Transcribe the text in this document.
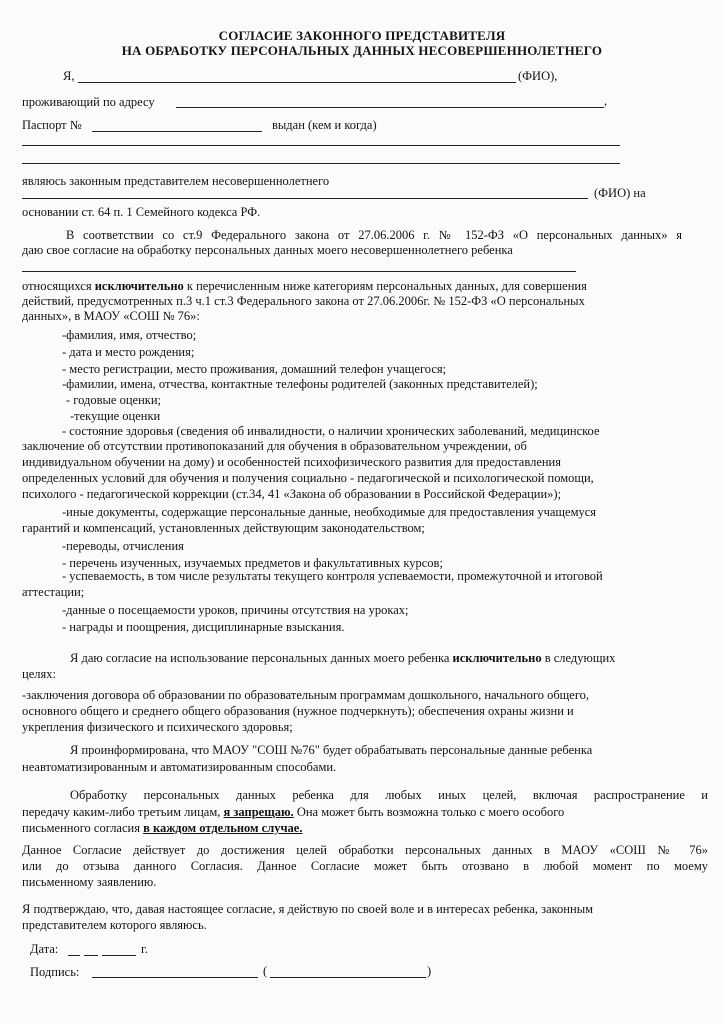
СОГЛАСИЕ ЗАКОННОГО ПРЕДСТАВИТЕЛЯ
НА ОБРАБОТКУ ПЕРСОНАЛЬНЫХ ДАННЫХ НЕСОВЕРШЕННОЛЕТНЕГО
Я,	(ФИО),
проживающий по адресу	,
Паспорт №	выдан (кем и когда)
являюсь законным представителем несовершеннолетнего
(ФИО) на
основании ст. 64 п. 1 Семейного кодекса РФ.
В соответствии со ст.9 Федерального закона от 27.06.2006 г. № 152-ФЗ «О персональных данных» я
даю свое согласие на обработку персональных данных моего несовершеннолетнего ребенка
относящихся исключительно к перечисленным ниже категориям персональных данных, для совершения
действий, предусмотренных п.3 ч.1 ст.3 Федерального закона от 27.06.2006г. № 152-ФЗ «О персональных
данных», в МАОУ «СОШ № 76»:
-фамилия, имя, отчество;
- дата и место рождения;
- место регистрации, место проживания, домашний телефон учащегося;
-фамилии, имена, отчества, контактные телефоны родителей (законных представителей);
- годовые оценки;
-текущие оценки
- состояние здоровья (сведения об инвалидности, о наличии хронических заболеваний, медицинское
заключение об отсутствии противопоказаний для обучения в образовательном учреждении, об
индивидуальном обучении на дому) и особенностей психофизического развития для предоставления
определенных условий для обучения и получения социально - педагогической и психологической помощи,
психолого - педагогической коррекции (ст.34, 41 «Закона об образовании в Российской Федерации»);
-иные документы, содержащие персональные данные, необходимые для предоставления учащемуся
гарантий и компенсаций, установленных действующим законодательством;
-переводы, отчисления
- перечень изученных, изучаемых предметов и факультативных курсов;
- успеваемость, в том числе результаты текущего контроля успеваемости, промежуточной и итоговой
аттестации;
-данные о посещаемости уроков, причины отсутствия на уроках;
- награды и поощрения, дисциплинарные взыскания.
Я даю согласие на использование персональных данных моего ребенка исключительно в следующих
целях:
-заключения договора об образовании по образовательным программам дошкольного, начального общего,
основного общего и среднего общего образования (нужное подчеркнуть); обеспечения охраны жизни и
укрепления физического и психического здоровья;
Я проинформирована, что МАОУ "СОШ №76" будет обрабатывать персональные данные ребенка
неавтоматизированным и автоматизированным способами.
Обработку персональных данных ребенка для любых иных целей, включая распространение и
передачу каким-либо третьим лицам, я запрещаю. Она может быть возможна только с моего особого
письменного согласия в каждом отдельном случае.
Данное Согласие действует до достижения целей обработки персональных данных в МАОУ «СОШ № 76»
или до отзыва данного Согласия. Данное Согласие может быть отозвано в любой момент по моему
письменному заявлению.
Я подтверждаю, что, давая настоящее согласие, я действую по своей воле и в интересах ребенка, законным
представителем которого являюсь.
Дата:	г.
Подпись:	(	)
